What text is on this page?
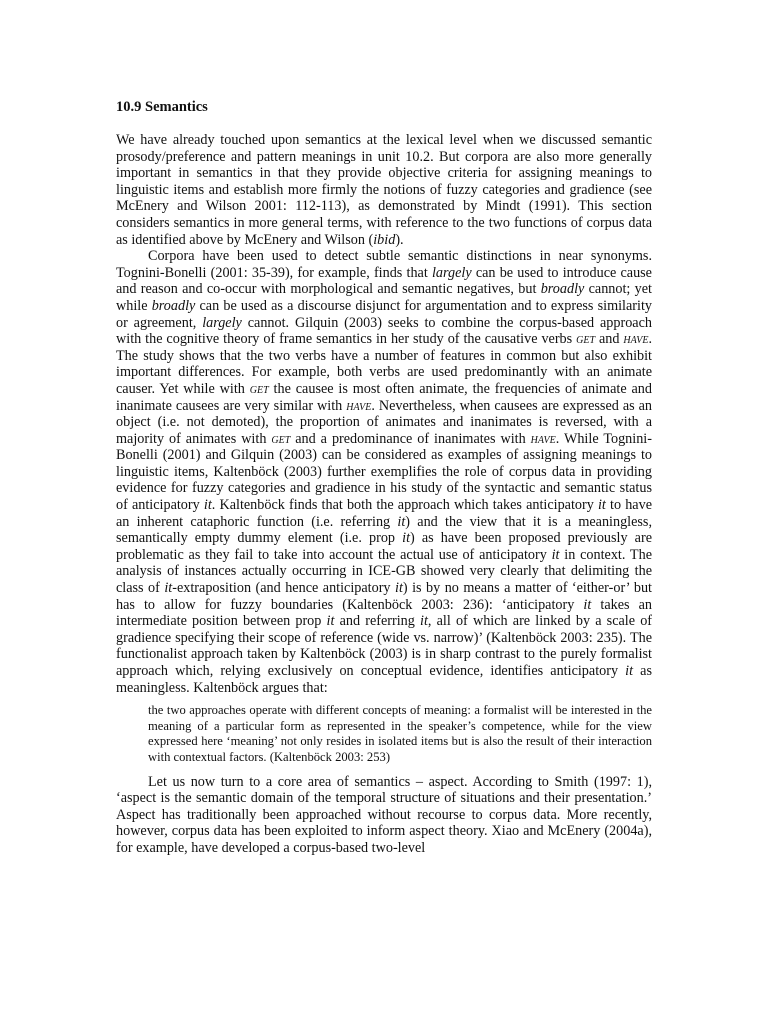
10.9 Semantics

We have already touched upon semantics at the lexical level when we discussed semantic prosody/preference and pattern meanings in unit 10.2. But corpora are also more generally important in semantics in that they provide objective criteria for assigning meanings to linguistic items and establish more firmly the notions of fuzzy categories and gradience (see McEnery and Wilson 2001: 112-113), as demonstrated by Mindt (1991). This section considers semantics in more general terms, with reference to the two functions of corpus data as identified above by McEnery and Wilson (ibid).

Corpora have been used to detect subtle semantic distinctions in near synonyms. Tognini-Bonelli (2001: 35-39), for example, finds that largely can be used to introduce cause and reason and co-occur with morphological and semantic negatives, but broadly cannot; yet while broadly can be used as a discourse disjunct for argumentation and to express similarity or agreement, largely cannot. Gilquin (2003) seeks to combine the corpus-based approach with the cognitive theory of frame semantics in her study of the causative verbs get and have. The study shows that the two verbs have a number of features in common but also exhibit important differences. For example, both verbs are used predominantly with an animate causer. Yet while with get the causee is most often animate, the frequencies of animate and inanimate causees are very similar with have. Nevertheless, when causees are expressed as an object (i.e. not demoted), the proportion of animates and inanimates is reversed, with a majority of animates with get and a predominance of inanimates with have. While Tognini-Bonelli (2001) and Gilquin (2003) can be considered as examples of assigning meanings to linguistic items, Kaltenböck (2003) further exemplifies the role of corpus data in providing evidence for fuzzy categories and gradience in his study of the syntactic and semantic status of anticipatory it. Kaltenböck finds that both the approach which takes anticipatory it to have an inherent cataphoric function (i.e. referring it) and the view that it is a meaningless, semantically empty dummy element (i.e. prop it) as have been proposed previously are problematic as they fail to take into account the actual use of anticipatory it in context. The analysis of instances actually occurring in ICE-GB showed very clearly that delimiting the class of it-extraposition (and hence anticipatory it) is by no means a matter of ‘either-or’ but has to allow for fuzzy boundaries (Kaltenböck 2003: 236): ‘anticipatory it takes an intermediate position between prop it and referring it, all of which are linked by a scale of gradience specifying their scope of reference (wide vs. narrow)’ (Kaltenböck 2003: 235). The functionalist approach taken by Kaltenböck (2003) is in sharp contrast to the purely formalist approach which, relying exclusively on conceptual evidence, identifies anticipatory it as meaningless. Kaltenböck argues that:

the two approaches operate with different concepts of meaning: a formalist will be interested in the meaning of a particular form as represented in the speaker’s competence, while for the view expressed here ‘meaning’ not only resides in isolated items but is also the result of their interaction with contextual factors. (Kaltenböck 2003: 253)

Let us now turn to a core area of semantics – aspect. According to Smith (1997: 1), ‘aspect is the semantic domain of the temporal structure of situations and their presentation.’ Aspect has traditionally been approached without recourse to corpus data. More recently, however, corpus data has been exploited to inform aspect theory. Xiao and McEnery (2004a), for example, have developed a corpus-based two-level
